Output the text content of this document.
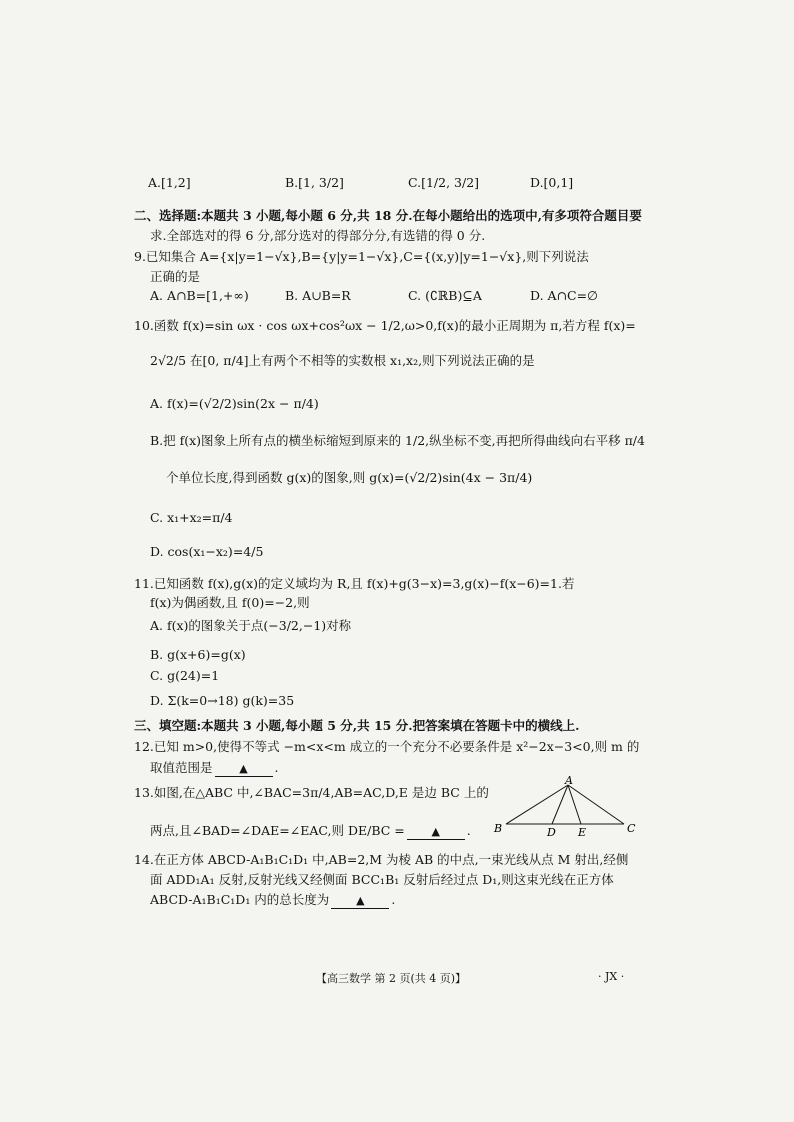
A.[1,2]	B.[1, 3/2]	C.[1/2, 3/2]	D.[0,1]
二、选择题:本题共 3 小题,每小题 6 分,共 18 分.在每小题给出的选项中,有多项符合题目要
求.全部选对的得 6 分,部分选对的得部分分,有选错的得 0 分.
9.已知集合 A={x|y=1−√x},B={y|y=1−√x},C={(x,y)|y=1−√x},则下列说法
正确的是
A. A∩B=[1,+∞)	B. A∪B=R	C. (∁ℝB)⊆A	D. A∩C=∅
10.函数 f(x)=sin ωx · cos ωx+cos²ωx − 1/2,ω>0,f(x)的最小正周期为 π,若方程 f(x)=
2√2/5 在[0, π/4]上有两个不相等的实数根 x₁,x₂,则下列说法正确的是
A. f(x)=(√2/2)sin(2x − π/4)
B.把 f(x)图象上所有点的横坐标缩短到原来的 1/2,纵坐标不变,再把所得曲线向右平移 π/4
个单位长度,得到函数 g(x)的图象,则 g(x)=(√2/2)sin(4x − 3π/4)
C. x₁+x₂=π/4
D. cos(x₁−x₂)=4/5
11.已知函数 f(x),g(x)的定义域均为 R,且 f(x)+g(3−x)=3,g(x)−f(x−6)=1.若
f(x)为偶函数,且 f(0)=−2,则
A. f(x)的图象关于点(−3/2,−1)对称
B. g(x+6)=g(x)
C. g(24)=1
D. Σ(k=0→18) g(k)=35
三、填空题:本题共 3 小题,每小题 5 分,共 15 分.把答案填在答题卡中的横线上.
12.已知 m>0,使得不等式 −m<x<m 成立的一个充分不必要条件是 x²−2x−3<0,则 m 的
取值范围是 ▲ .
13.如图,在△ABC 中,∠BAC=3π/4,AB=AC,D,E 是边 BC 上的
两点,且∠BAD=∠DAE=∠EAC,则 DE/BC = ▲ .
A
B	D E	C
14.在正方体 ABCD-A₁B₁C₁D₁ 中,AB=2,M 为棱 AB 的中点,一束光线从点 M 射出,经侧
面 ADD₁A₁ 反射,反射光线又经侧面 BCC₁B₁ 反射后经过点 D₁,则这束光线在正方体
ABCD-A₁B₁C₁D₁ 内的总长度为 ▲ .
【高三数学 第 2 页(共 4 页)】	· JX ·
